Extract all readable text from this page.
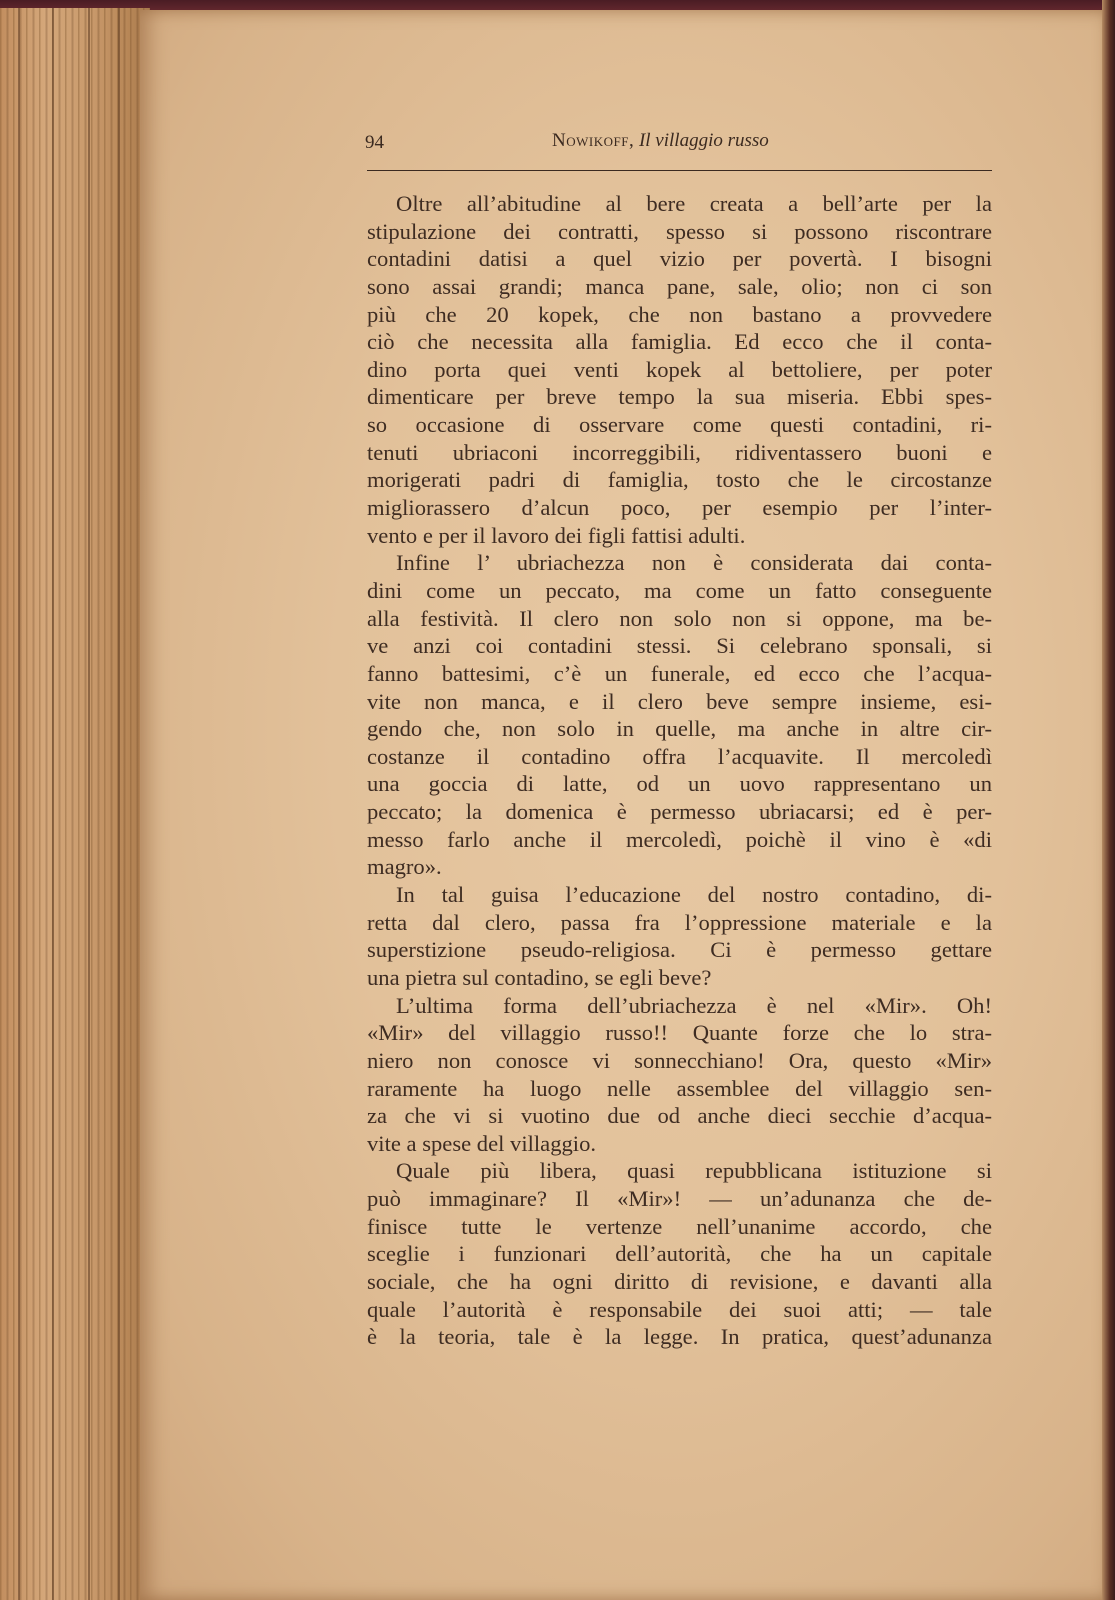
94	Nowikoff, Il villaggio russo
Oltre all’abitudine al bere creata a bell’arte per la
stipulazione dei contratti, spesso si possono riscontrare
contadini datisi a quel vizio per povertà. I bisogni
sono assai grandi; manca pane, sale, olio; non ci son
più che 20 kopek, che non bastano a provvedere
ciò che necessita alla famiglia. Ed ecco che il conta-
dino porta quei venti kopek al bettoliere, per poter
dimenticare per breve tempo la sua miseria. Ebbi spes-
so occasione di osservare come questi contadini, ri-
tenuti ubriaconi incorreggibili, ridiventassero buoni e
morigerati padri di famiglia, tosto che le circostanze
migliorassero d’alcun poco, per esempio per l’inter-
vento e per il lavoro dei figli fattisi adulti.
Infine l’ ubriachezza non è considerata dai conta-
dini come un peccato, ma come un fatto conseguente
alla festività. Il clero non solo non si oppone, ma be-
ve anzi coi contadini stessi. Si celebrano sponsali, si
fanno battesimi, c’è un funerale, ed ecco che l’acqua-
vite non manca, e il clero beve sempre insieme, esi-
gendo che, non solo in quelle, ma anche in altre cir-
costanze il contadino offra l’acquavite. Il mercoledì
una goccia di latte, od un uovo rappresentano un
peccato; la domenica è permesso ubriacarsi; ed è per-
messo farlo anche il mercoledì, poichè il vino è «di
magro».
In tal guisa l’educazione del nostro contadino, di-
retta dal clero, passa fra l’oppressione materiale e la
superstizione pseudo-religiosa. Ci è permesso gettare
una pietra sul contadino, se egli beve?
L’ultima forma dell’ubriachezza è nel «Mir». Oh!
«Mir» del villaggio russo!! Quante forze che lo stra-
niero non conosce vi sonnecchiano! Ora, questo «Mir»
raramente ha luogo nelle assemblee del villaggio sen-
za che vi si vuotino due od anche dieci secchie d’acqua-
vite a spese del villaggio.
Quale più libera, quasi repubblicana istituzione si
può immaginare? Il «Mir»! — un’adunanza che de-
finisce tutte le vertenze nell’unanime accordo, che
sceglie i funzionari dell’autorità, che ha un capitale
sociale, che ha ogni diritto di revisione, e davanti alla
quale l’autorità è responsabile dei suoi atti; — tale
è la teoria, tale è la legge. In pratica, quest’adunanza
